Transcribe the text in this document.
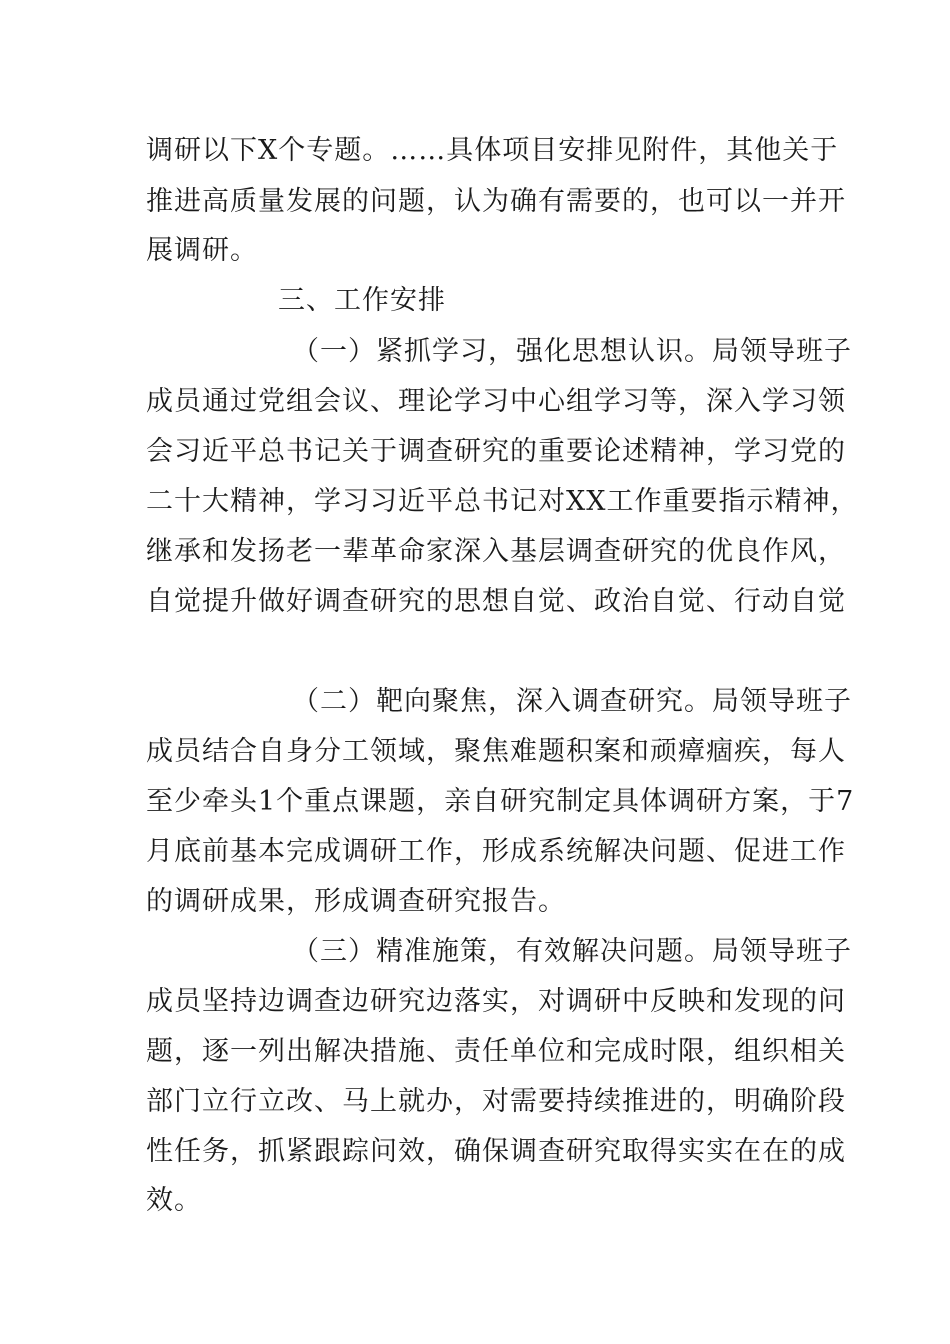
调研以下X个专题。……具体项目安排见附件，其他关于
推进高质量发展的问题，认为确有需要的，也可以一并开
展调研。
三、工作安排
（一）紧抓学习，强化思想认识。局领导班子
成员通过党组会议、理论学习中心组学习等，深入学习领
会习近平总书记关于调查研究的重要论述精神，学习党的
二十大精神，学习习近平总书记对XX工作重要指示精神，
继承和发扬老一辈革命家深入基层调查研究的优良作风，
自觉提升做好调查研究的思想自觉、政治自觉、行动自觉
（二）靶向聚焦，深入调查研究。局领导班子
成员结合自身分工领域，聚焦难题积案和顽瘴痼疾，每人
至少牵头1个重点课题，亲自研究制定具体调研方案，于7
月底前基本完成调研工作，形成系统解决问题、促进工作
的调研成果，形成调查研究报告。
（三）精准施策，有效解决问题。局领导班子
成员坚持边调查边研究边落实，对调研中反映和发现的问
题，逐一列出解决措施、责任单位和完成时限，组织相关
部门立行立改、马上就办，对需要持续推进的，明确阶段
性任务，抓紧跟踪问效，确保调查研究取得实实在在的成
效。
